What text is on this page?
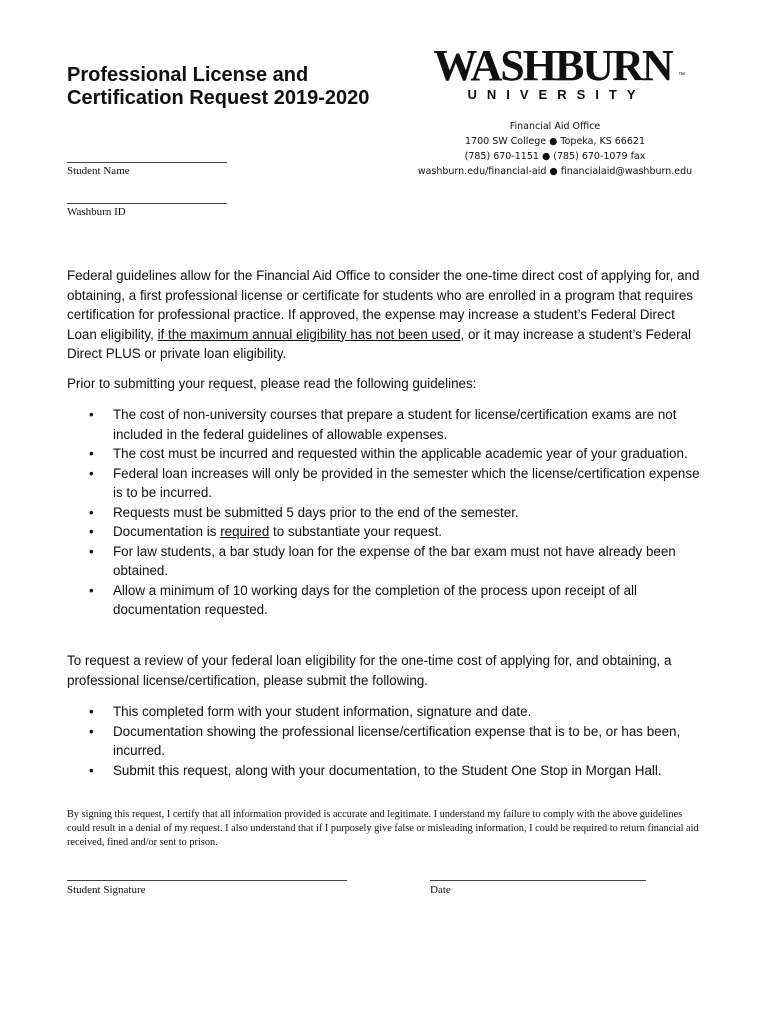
Professional License and
Certification Request 2019-2020
WASHBURN ™
UNIVERSITY
Financial Aid Office
1700 SW College ● Topeka, KS 66621
(785) 670-1151 ● (785) 670-1079 fax
washburn.edu/financial-aid ● financialaid@washburn.edu
Student Name
Washburn ID

Federal guidelines allow for the Financial Aid Office to consider the one-time direct cost of applying for, and obtaining, a first professional license or certificate for students who are enrolled in a program that requires certification for professional practice. If approved, the expense may increase a student’s Federal Direct Loan eligibility, if the maximum annual eligibility has not been used, or it may increase a student’s Federal Direct PLUS or private loan eligibility.

Prior to submitting your request, please read the following guidelines:

• The cost of non-university courses that prepare a student for license/certification exams are not included in the federal guidelines of allowable expenses.
• The cost must be incurred and requested within the applicable academic year of your graduation.
• Federal loan increases will only be provided in the semester which the license/certification expense is to be incurred.
• Requests must be submitted 5 days prior to the end of the semester.
• Documentation is required to substantiate your request.
• For law students, a bar study loan for the expense of the bar exam must not have already been obtained.
• Allow a minimum of 10 working days for the completion of the process upon receipt of all documentation requested.

To request a review of your federal loan eligibility for the one-time cost of applying for, and obtaining, a professional license/certification, please submit the following.

• This completed form with your student information, signature and date.
• Documentation showing the professional license/certification expense that is to be, or has been, incurred.
• Submit this request, along with your documentation, to the Student One Stop in Morgan Hall.

By signing this request, I certify that all information provided is accurate and legitimate. I understand my failure to comply with the above guidelines could result in a denial of my request. I also understand that if I purposely give false or misleading information, I could be required to return financial aid received, fined and/or sent to prison.

Student Signature	Date
